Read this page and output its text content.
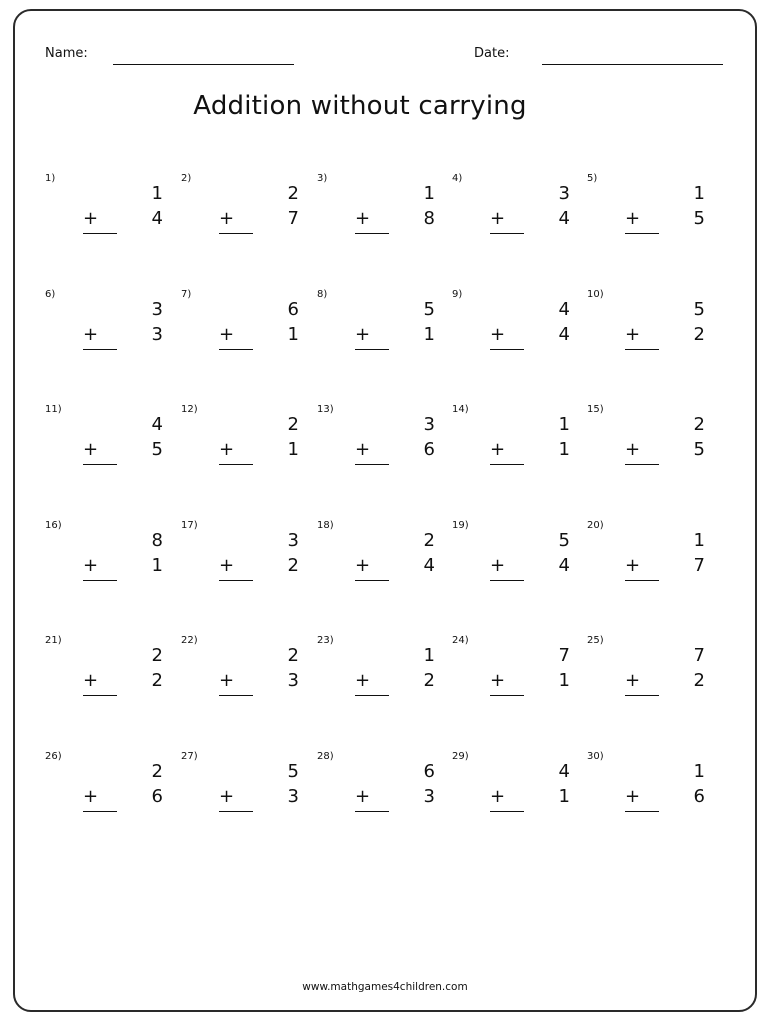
Name:	Date:
Addition without carrying
1)
1
+	4
2)
2
+	7
3)
1
+	8
4)
3
+	4
5)
1
+	5
6)
3
+	3
7)
6
+	1
8)
5
+	1
9)
4
+	4
10)
5
+	2
11)
4
+	5
12)
2
+	1
13)
3
+	6
14)
1
+	1
15)
2
+	5
16)
8
+	1
17)
3
+	2
18)
2
+	4
19)
5
+	4
20)
1
+	7
21)
2
+	2
22)
2
+	3
23)
1
+	2
24)
7
+	1
25)
7
+	2
26)
2
+	6
27)
5
+	3
28)
6
+	3
29)
4
+	1
30)
1
+	6
www.mathgames4children.com
